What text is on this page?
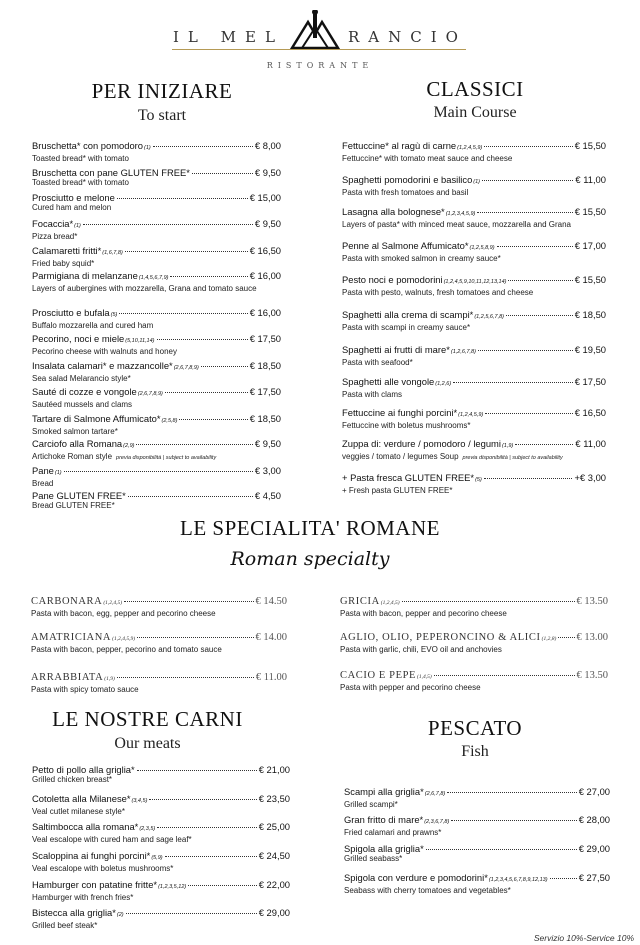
IL MEL	RANCIO
RISTORANTE
PER INIZIARE
To start
Bruschetta* con pomodoro (1)	€ 8,00
Toasted bread* with tomato
Bruschetta con pane GLUTEN FREE*	€ 9,50
Toasted bread* with tomato
Prosciutto e melone	€ 15,00
Cured ham and melon
Focaccia* (1)	€ 9,50
Pizza bread*
Calamaretti fritti* (1,6,7,8)	€ 16,50
Fried baby squid*
Parmigiana di melanzane (1,4,5,6,7,9)	€ 16,00
Layers of aubergines with mozzarella, Grana and tomato sauce
Prosciutto e bufala (5)	€ 16,00
Buffalo mozzarella and cured ham
Pecorino, noci e miele (5,10,11,14)	€ 17,50
Pecorino cheese with walnuts and honey
Insalata calamari* e mazzancolle* (2,6,7,8,9)	€ 18,50
Sea salad Melarancio style*
Sauté di cozze e vongole (2,6,7,8,9)	€ 17,50
Sautéed mussels and clams
Tartare di Salmone Affumicato* (2,5,8)	€ 18,50
Smoked salmon tartare*
Carciofo alla Romana (2,9)	€ 9,50
Artichoke Roman style previa disponibilità | subject to availability
Pane (1)	€ 3,00
Bread
Pane GLUTEN FREE*	€ 4,50
Bread GLUTEN FREE*
CLASSICI
Main Course
Fettuccine* al ragù di carne (1,2,4,5,9)	€ 15,50
Fettuccine* with tomato meat sauce and cheese
Spaghetti pomodorini e basilico (1)	€ 11,00
Pasta with fresh tomatoes and basil
Lasagna alla bolognese* (1,2,3,4,5,9)	€ 15,50
Layers of pasta* with minced meat sauce, mozzarella and Grana
Penne al Salmone Affumicato* (1,2,5,8,9)	€ 17,00
Pasta with smoked salmon in creamy sauce*
Pesto noci e pomodorini (1,2,4,5,9,10,11,12,13,14)	€ 15,50
Pasta with pesto, walnuts, fresh tomatoes and cheese
Spaghetti alla crema di scampi* (1,2,5,6,7,8)	€ 18,50
Pasta with scampi in creamy sauce*
Spaghetti ai frutti di mare* (1,2,6,7,8)	€ 19,50
Pasta with seafood*
Spaghetti alle vongole (1,2,6)	€ 17,50
Pasta with clams
Fettuccine ai funghi porcini* (1,2,4,5,9)	€ 16,50
Fettuccine with boletus mushrooms*
Zuppa di: verdure / pomodoro / legumi (1,9)	€ 11,00
veggies / tomato / legumes Soup previa disponibilità | subject to availability
+ Pasta fresca GLUTEN FREE* (5)	+€ 3,00
+ Fresh pasta GLUTEN FREE*
LE SPECIALITA' ROMANE
Roman specialty
CARBONARA (1,2,4,5)	€ 14.50
Pasta with bacon, egg, pepper and pecorino cheese
AMATRICIANA (1,2,4,5,9)	€ 14.00
Pasta with bacon, pepper, pecorino and tomato sauce
ARRABBIATA (1,9)	€ 11.00
Pasta with spicy tomato sauce
GRICIA (1,2,4,5)	€ 13.50
Pasta with bacon, pepper and pecorino cheese
AGLIO, OLIO, PEPERONCINO & ALICI (1,2,8) € 13.00
Pasta with garlic, chili, EVO oil and anchovies
CACIO E PEPE (1,4,5)	€ 13.50
Pasta with pepper and pecorino cheese
LE NOSTRE CARNI
Our meats
Petto di pollo alla griglia*	€ 21,00
Grilled chicken breast*
Cotoletta alla Milanese* (3,4,5)	€ 23,50
Veal cutlet milanese style*
Saltimbocca alla romana* (2,3,5)	€ 25,00
Veal escalope with cured ham and sage leaf*
Scaloppina ai funghi porcini* (5,9)	€ 24,50
Veal escalope with boletus mushrooms*
Hamburger con patatine fritte* (1,2,3,5,12)	€ 22,00
Hamburger with french fries*
Bistecca alla griglia* (2)	€ 29,00
Grilled beef steak*
PESCATO
Fish
Scampi alla griglia* (2,6,7,8)	€ 27,00
Grilled scampi*
Gran fritto di mare* (2,3,6,7,8)	€ 28,00
Fried calamari and prawns*
Spigola alla griglia*	€ 29,00
Grilled seabass*
Spigola con verdure e pomodorini* (1,2,3,4,5,6,7,8,9,12,13)	€ 27,50
Seabass with cherry tomatoes and vegetables*
Servizio 10%-Service 10%
